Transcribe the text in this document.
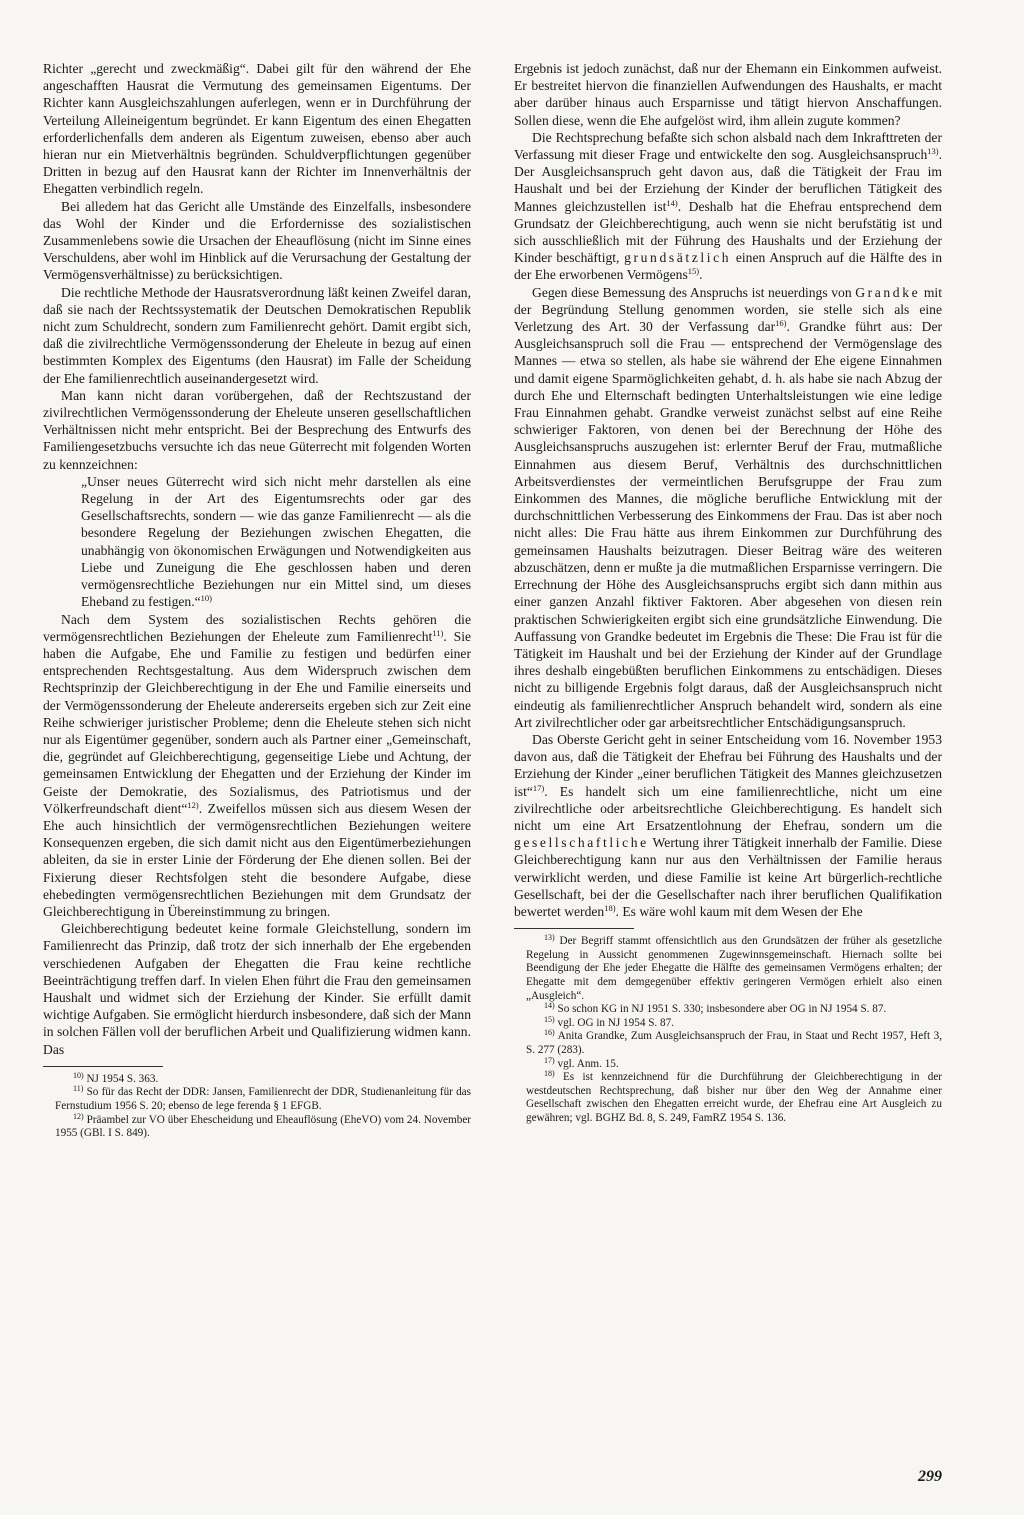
Richter „gerecht und zweckmäßig“. Dabei gilt für den während der Ehe angeschafften Hausrat die Vermutung des gemeinsamen Eigentums. Der Richter kann Ausgleichszahlungen auferlegen, wenn er in Durchführung der Verteilung Alleineigentum begründet. Er kann Eigentum des einen Ehegatten erforderlichenfalls dem anderen als Eigentum zuweisen, ebenso aber auch hieran nur ein Mietverhältnis begründen. Schuldverpflichtungen gegenüber Dritten in bezug auf den Hausrat kann der Richter im Innenverhältnis der Ehegatten verbindlich regeln.

Bei alledem hat das Gericht alle Umstände des Einzelfalls, insbesondere das Wohl der Kinder und die Erfordernisse des sozialistischen Zusammenlebens sowie die Ursachen der Eheauflösung (nicht im Sinne eines Verschuldens, aber wohl im Hinblick auf die Verursachung der Gestaltung der Vermögensverhältnisse) zu berücksichtigen.

Die rechtliche Methode der Hausratsverordnung läßt keinen Zweifel daran, daß sie nach der Rechtssystematik der Deutschen Demokratischen Republik nicht zum Schuldrecht, sondern zum Familienrecht gehört. Damit ergibt sich, daß die zivilrechtliche Vermögenssonderung der Eheleute in bezug auf einen bestimmten Komplex des Eigentums (den Hausrat) im Falle der Scheidung der Ehe familienrechtlich auseinandergesetzt wird.

Man kann nicht daran vorübergehen, daß der Rechtszustand der zivilrechtlichen Vermögenssonderung der Eheleute unseren gesellschaftlichen Verhältnissen nicht mehr entspricht. Bei der Besprechung des Entwurfs des Familiengesetzbuchs versuchte ich das neue Güterrecht mit folgenden Worten zu kennzeichnen:

„Unser neues Güterrecht wird sich nicht mehr darstellen als eine Regelung in der Art des Eigentumsrechts oder gar des Gesellschaftsrechts, sondern — wie das ganze Familienrecht — als die besondere Regelung der Beziehungen zwischen Ehegatten, die unabhängig von ökonomischen Erwägungen und Notwendigkeiten aus Liebe und Zuneigung die Ehe geschlossen haben und deren vermögensrechtliche Beziehungen nur ein Mittel sind, um dieses Eheband zu festigen.“$^{10)}$

Nach dem System des sozialistischen Rechts gehören die vermögensrechtlichen Beziehungen der Eheleute zum Familienrecht$^{11)}$. Sie haben die Aufgabe, Ehe und Familie zu festigen und bedürfen einer entsprechenden Rechtsgestaltung. Aus dem Widerspruch zwischen dem Rechtsprinzip der Gleichberechtigung in der Ehe und Familie einerseits und der Vermögenssonderung der Eheleute andererseits ergeben sich zur Zeit eine Reihe schwieriger juristischer Probleme; denn die Eheleute stehen sich nicht nur als Eigentümer gegenüber, sondern auch als Partner einer „Gemeinschaft, die, gegründet auf Gleichberechtigung, gegenseitige Liebe und Achtung, der gemeinsamen Entwicklung der Ehegatten und der Erziehung der Kinder im Geiste der Demokratie, des Sozialismus, des Patriotismus und der Völkerfreundschaft dient“$^{12)}$. Zweifellos müssen sich aus diesem Wesen der Ehe auch hinsichtlich der vermögensrechtlichen Beziehungen weitere Konsequenzen ergeben, die sich damit nicht aus den Eigentümerbeziehungen ableiten, da sie in erster Linie der Förderung der Ehe dienen sollen. Bei der Fixierung dieser Rechtsfolgen steht die besondere Aufgabe, diese ehebedingten vermögensrechtlichen Beziehungen mit dem Grundsatz der Gleichberechtigung in Übereinstimmung zu bringen.

Gleichberechtigung bedeutet keine formale Gleichstellung, sondern im Familienrecht das Prinzip, daß trotz der sich innerhalb der Ehe ergebenden verschiedenen Aufgaben der Ehegatten die Frau keine rechtliche Beeinträchtigung treffen darf. In vielen Ehen führt die Frau den gemeinsamen Haushalt und widmet sich der Erziehung der Kinder. Sie erfüllt damit wichtige Aufgaben. Sie ermöglicht hierdurch insbesondere, daß sich der Mann in solchen Fällen voll der beruflichen Arbeit und Qualifizierung widmen kann. Das

$^{10)}$ NJ 1954 S. 363.

$^{11)}$ So für das Recht der DDR: Jansen, Familienrecht der DDR, Studienanleitung für das Fernstudium 1956 S. 20; ebenso de lege ferenda § 1 EFGB.

$^{12)}$ Präambel zur VO über Ehescheidung und Eheauflösung (EheVO) vom 24. November 1955 (GBl. I S. 849).

Ergebnis ist jedoch zunächst, daß nur der Ehemann ein Einkommen aufweist. Er bestreitet hiervon die finanziellen Aufwendungen des Haushalts, er macht aber darüber hinaus auch Ersparnisse und tätigt hiervon Anschaffungen. Sollen diese, wenn die Ehe aufgelöst wird, ihm allein zugute kommen?

Die Rechtsprechung befaßte sich schon alsbald nach dem Inkrafttreten der Verfassung mit dieser Frage und entwickelte den sog. Ausgleichsanspruch$^{13)}$. Der Ausgleichsanspruch geht davon aus, daß die Tätigkeit der Frau im Haushalt und bei der Erziehung der Kinder der beruflichen Tätigkeit des Mannes gleichzustellen ist$^{14)}$. Deshalb hat die Ehefrau entsprechend dem Grundsatz der Gleichberechtigung, auch wenn sie nicht berufstätig ist und sich ausschließlich mit der Führung des Haushalts und der Erziehung der Kinder beschäftigt, grundsätzlich einen Anspruch auf die Hälfte des in der Ehe erworbenen Vermögens$^{15)}$.

Gegen diese Bemessung des Anspruchs ist neuerdings von Grandke mit der Begründung Stellung genommen worden, sie stelle sich als eine Verletzung des Art. 30 der Verfassung dar$^{16)}$. Grandke führt aus: Der Ausgleichsanspruch soll die Frau — entsprechend der Vermögenslage des Mannes — etwa so stellen, als habe sie während der Ehe eigene Einnahmen und damit eigene Sparmöglichkeiten gehabt, d. h. als habe sie nach Abzug der durch Ehe und Elternschaft bedingten Unterhaltsleistungen wie eine ledige Frau Einnahmen gehabt. Grandke verweist zunächst selbst auf eine Reihe schwieriger Faktoren, von denen bei der Berechnung der Höhe des Ausgleichsanspruchs auszugehen ist: erlernter Beruf der Frau, mutmaßliche Einnahmen aus diesem Beruf, Verhältnis des durchschnittlichen Arbeitsverdienstes der vermeintlichen Berufsgruppe der Frau zum Einkommen des Mannes, die mögliche berufliche Entwicklung mit der durchschnittlichen Verbesserung des Einkommens der Frau. Das ist aber noch nicht alles: Die Frau hätte aus ihrem Einkommen zur Durchführung des gemeinsamen Haushalts beizutragen. Dieser Beitrag wäre des weiteren abzuschätzen, denn er mußte ja die mutmaßlichen Ersparnisse verringern. Die Errechnung der Höhe des Ausgleichsanspruchs ergibt sich dann mithin aus einer ganzen Anzahl fiktiver Faktoren. Aber abgesehen von diesen rein praktischen Schwierigkeiten ergibt sich eine grundsätzliche Einwendung. Die Auffassung von Grandke bedeutet im Ergebnis die These: Die Frau ist für die Tätigkeit im Haushalt und bei der Erziehung der Kinder auf der Grundlage ihres deshalb eingebüßten beruflichen Einkommens zu entschädigen. Dieses nicht zu billigende Ergebnis folgt daraus, daß der Ausgleichsanspruch nicht eindeutig als familienrechtlicher Anspruch behandelt wird, sondern als eine Art zivilrechtlicher oder gar arbeitsrechtlicher Entschädigungsanspruch.

Das Oberste Gericht geht in seiner Entscheidung vom 16. November 1953 davon aus, daß die Tätigkeit der Ehefrau bei Führung des Haushalts und der Erziehung der Kinder „einer beruflichen Tätigkeit des Mannes gleichzusetzen ist“$^{17)}$. Es handelt sich um eine familienrechtliche, nicht um eine zivilrechtliche oder arbeitsrechtliche Gleichberechtigung. Es handelt sich nicht um eine Art Ersatzentlohnung der Ehefrau, sondern um die gesellschaftliche Wertung ihrer Tätigkeit innerhalb der Familie. Diese Gleichberechtigung kann nur aus den Verhältnissen der Familie heraus verwirklicht werden, und diese Familie ist keine Art bürgerlich-rechtliche Gesellschaft, bei der die Gesellschafter nach ihrer beruflichen Qualifikation bewertet werden$^{18)}$. Es wäre wohl kaum mit dem Wesen der Ehe

$^{13)}$ Der Begriff stammt offensichtlich aus den Grundsätzen der früher als gesetzliche Regelung in Aussicht genommenen Zugewinnsgemeinschaft. Hiernach sollte bei Beendigung der Ehe jeder Ehegatte die Hälfte des gemeinsamen Vermögens erhalten; der Ehegatte mit dem demgegenüber effektiv geringeren Vermögen erhielt also einen „Ausgleich“.

$^{14)}$ So schon KG in NJ 1951 S. 330; insbesondere aber OG in NJ 1954 S. 87.

$^{15)}$ vgl. OG in NJ 1954 S. 87.

$^{16)}$ Anita Grandke, Zum Ausgleichsanspruch der Frau, in Staat und Recht 1957, Heft 3, S. 277 (283).

$^{17)}$ vgl. Anm. 15.

$^{18)}$ Es ist kennzeichnend für die Durchführung der Gleichberechtigung in der westdeutschen Rechtsprechung, daß bisher nur über den Weg der Annahme einer Gesellschaft zwischen den Ehegatten erreicht wurde, der Ehefrau eine Art Ausgleich zu gewähren; vgl. BGHZ Bd. 8, S. 249, FamRZ 1954 S. 136.

299
